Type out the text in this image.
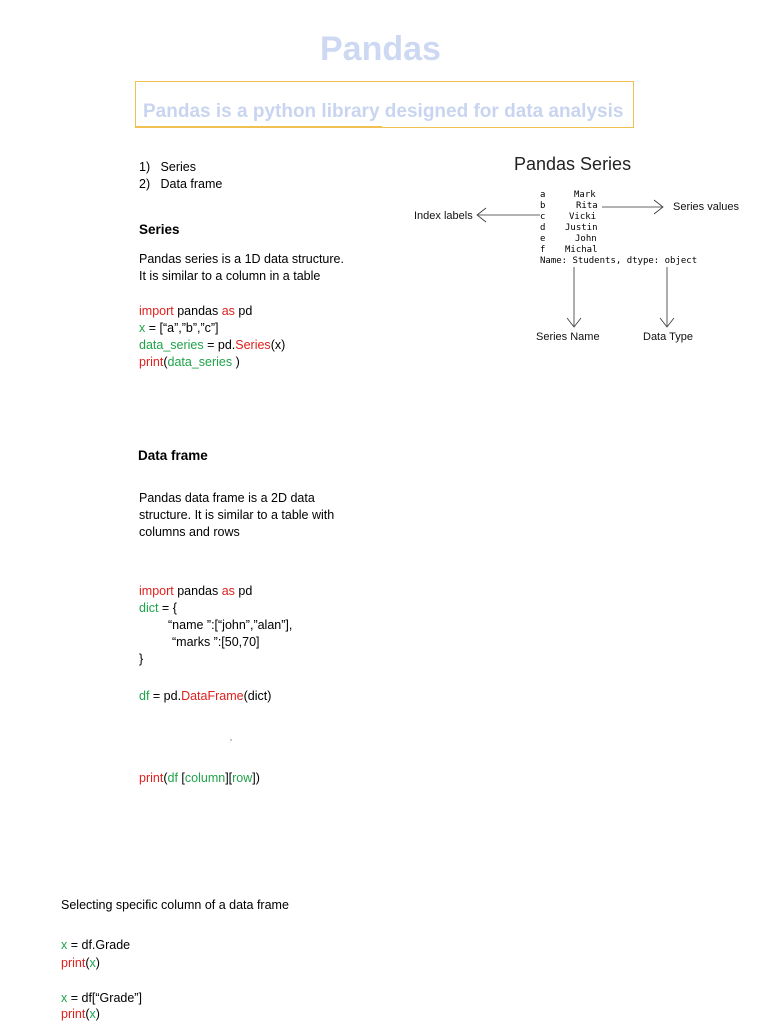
Pandas
Pandas is a python library designed for data analysis
1)   Series
2)   Data frame
Series
Pandas series is a 1D data structure.
It is similar to a column in a table
import pandas as pd
x = [“a”,”b”,”c”]
data_series = pd.Series(x)
print(data_series )
Pandas Series
a
b
c
d
e
f
Mark
Rita
Vicki
Justin
John
Michal
Name: Students, dtype: object
Index labels
Series values
Series Name	Data Type
Data frame
Pandas data frame is a 2D data
structure. It is similar to a table with
columns and rows
import pandas as pd
dict = {
“name ”:[“john”,”alan”],
“marks ”:[50,70]
}
df = pd.DataFrame(dict)
ʼ
print(df [column][row])
Selecting specific column of a data frame
x = df.Grade
print(x)
x = df[“Grade”]
print(x)
